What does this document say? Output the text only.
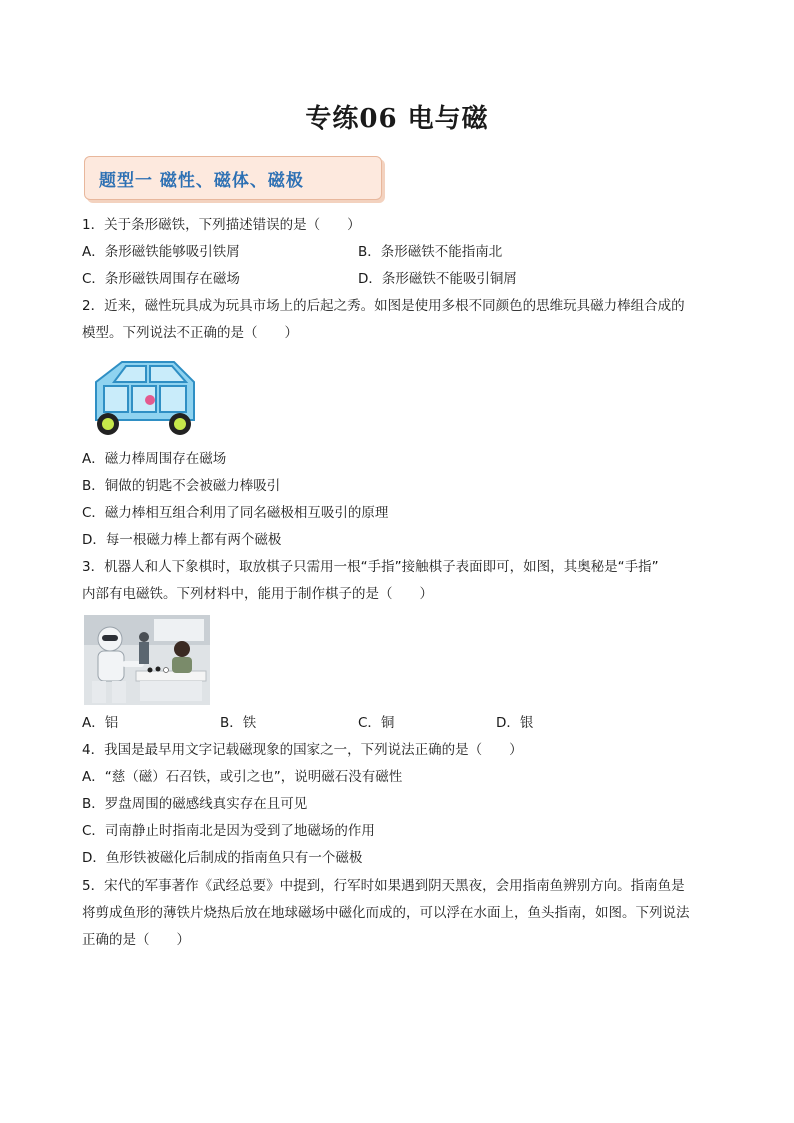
专练06 电与磁
题型一 磁性、磁体、磁极
1．关于条形磁铁，下列描述错误的是（　　）
A．条形磁铁能够吸引铁屑	B．条形磁铁不能指南北
C．条形磁铁周围存在磁场	D．条形磁铁不能吸引铜屑
2．近来，磁性玩具成为玩具市场上的后起之秀。如图是使用多根不同颜色的思维玩具磁力棒组合成的
模型。下列说法不正确的是（　　）
A．磁力棒周围存在磁场
B．铜做的钥匙不会被磁力棒吸引
C．磁力棒相互组合利用了同名磁极相互吸引的原理
D．每一根磁力棒上都有两个磁极
3．机器人和人下象棋时，取放棋子只需用一根“手指”接触棋子表面即可，如图，其奥秘是“手指”
内部有电磁铁。下列材料中，能用于制作棋子的是（　　）
A．铝	B．铁	C．铜	D．银
4．我国是最早用文字记载磁现象的国家之一，下列说法正确的是（　　）
A．“慈（磁）石召铁，或引之也”，说明磁石没有磁性
B．罗盘周围的磁感线真实存在且可见
C．司南静止时指南北是因为受到了地磁场的作用
D．鱼形铁被磁化后制成的指南鱼只有一个磁极
5．宋代的军事著作《武经总要》中提到，行军时如果遇到阴天黑夜，会用指南鱼辨别方向。指南鱼是
将剪成鱼形的薄铁片烧热后放在地球磁场中磁化而成的，可以浮在水面上，鱼头指南，如图。下列说法
正确的是（　　）
